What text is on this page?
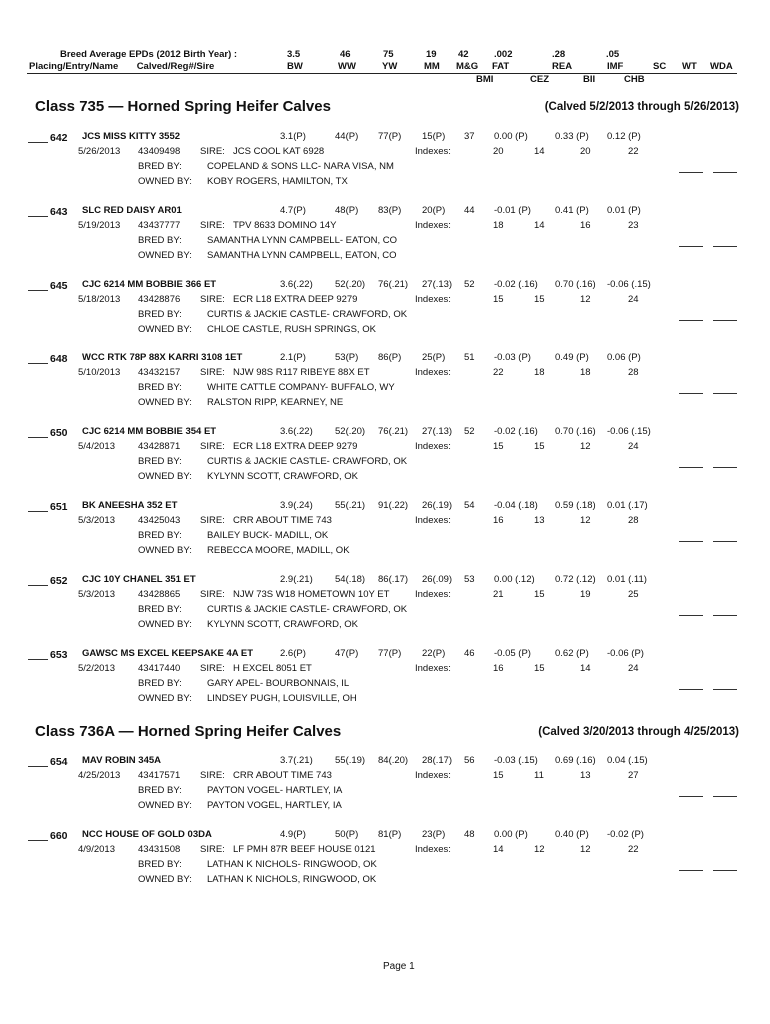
Breed Average EPDs (2012 Birth Year) :
Placing/Entry/Name       Calved/Reg#/Sire
3.5	46	75	19 42	.002	.28	.05
BW	WW	YW	MM M&G FAT	REA	IMF	SC WT WDA
BMI	CEZ	BII	CHB
Class 735 — Horned Spring Heifer Calves	(Calved 5/2/2013 through 5/26/2013)
642 JCS MISS KITTY 3552	3.1(P)	44(P) 77(P) 15(P) 37 0.00 (P)	0.33 (P) 0.12 (P)
5/26/2013 43409498 SIRE: JCS COOL KAT 6928	Indexes:	20	14	20	22
BRED BY:	COPELAND & SONS LLC- NARA VISA, NM
OWNED BY: KOBY ROGERS, HAMILTON, TX
643 SLC RED DAISY AR01	4.7(P)	48(P) 83(P) 20(P) 44 -0.01 (P)	0.41 (P) 0.01 (P)
5/19/2013 43437777 SIRE: TPV 8633 DOMINO 14Y	Indexes:	18	14	16	23
BRED BY:	SAMANTHA LYNN CAMPBELL- EATON, CO
OWNED BY: SAMANTHA LYNN CAMPBELL, EATON, CO
645 CJC 6214 MM BOBBIE 366 ET	3.6(.22) 52(.20) 76(.21) 27(.13) 52 -0.02 (.16) 0.70 (.16) -0.06 (.15)
5/18/2013 43428876 SIRE: ECR L18 EXTRA DEEP 9279	Indexes:	15	15	12	24
BRED BY:	CURTIS & JACKIE CASTLE- CRAWFORD, OK
OWNED BY: CHLOE CASTLE, RUSH SPRINGS, OK
648 WCC RTK 78P 88X KARRI 3108 1ET	2.1(P)	53(P) 86(P) 25(P) 51 -0.03 (P)	0.49 (P) 0.06 (P)
5/10/2013 43432157 SIRE: NJW 98S R117 RIBEYE 88X ET	Indexes:	22	18	18	28
BRED BY:	WHITE CATTLE COMPANY- BUFFALO, WY
OWNED BY: RALSTON RIPP, KEARNEY, NE
650 CJC 6214 MM BOBBIE 354 ET	3.6(.22) 52(.20) 76(.21) 27(.13) 52 -0.02 (.16) 0.70 (.16) -0.06 (.15)
5/4/2013 43428871 SIRE: ECR L18 EXTRA DEEP 9279	Indexes:	15	15	12	24
BRED BY:	CURTIS & JACKIE CASTLE- CRAWFORD, OK
OWNED BY: KYLYNN SCOTT, CRAWFORD, OK
651 BK ANEESHA 352 ET	3.9(.24) 55(.21) 91(.22) 26(.19) 54 -0.04 (.18) 0.59 (.18) 0.01 (.17)
5/3/2013 43425043 SIRE: CRR ABOUT TIME 743	Indexes:	16	13	12	28
BRED BY:	BAILEY BUCK- MADILL, OK
OWNED BY: REBECCA MOORE, MADILL, OK
652 CJC 10Y CHANEL 351 ET	2.9(.21) 54(.18) 86(.17) 26(.09) 53 0.00 (.12) 0.72 (.12) 0.01 (.11)
5/3/2013 43428865 SIRE: NJW 73S W18 HOMETOWN 10Y ET	Indexes:	21	15	19	25
BRED BY:	CURTIS & JACKIE CASTLE- CRAWFORD, OK
OWNED BY: KYLYNN SCOTT, CRAWFORD, OK
653 GAWSC MS EXCEL KEEPSAKE 4A ET	2.6(P)	47(P) 77(P) 22(P) 46 -0.05 (P)	0.62 (P) -0.06 (P)
5/2/2013 43417440 SIRE: H EXCEL 8051 ET	Indexes:	16	15	14	24
BRED BY:	GARY APEL- BOURBONNAIS, IL
OWNED BY: LINDSEY PUGH, LOUISVILLE, OH
Class 736A — Horned Spring Heifer Calves	(Calved 3/20/2013 through 4/25/2013)
654 MAV ROBIN 345A	3.7(.21) 55(.19) 84(.20) 28(.17) 56 -0.03 (.15) 0.69 (.16) 0.04 (.15)
4/25/2013 43417571 SIRE: CRR ABOUT TIME 743	Indexes:	15	11	13	27
BRED BY:	PAYTON VOGEL- HARTLEY, IA
OWNED BY: PAYTON VOGEL, HARTLEY, IA
660 NCC HOUSE OF GOLD 03DA	4.9(P)	50(P) 81(P) 23(P) 48 0.00 (P)	0.40 (P) -0.02 (P)
4/9/2013 43431508 SIRE: LF PMH 87R BEEF HOUSE 0121	Indexes:	14	12	12	22
BRED BY:	LATHAN K NICHOLS- RINGWOOD, OK
OWNED BY: LATHAN K NICHOLS, RINGWOOD, OK
Page 1
